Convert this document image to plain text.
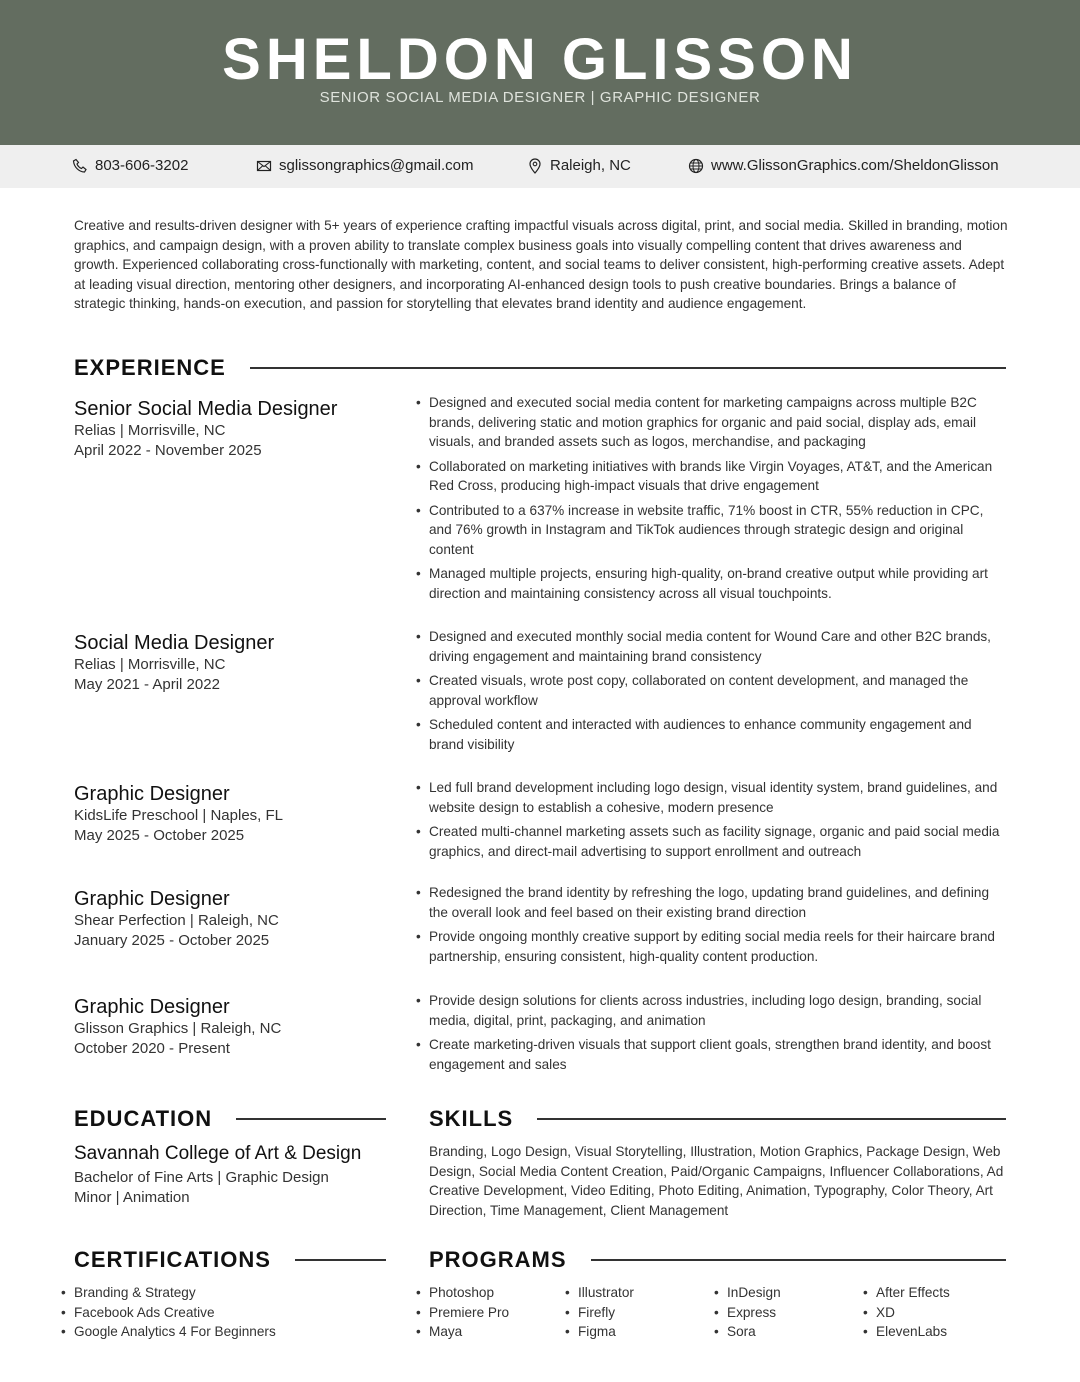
SHELDON GLISSON
SENIOR SOCIAL MEDIA DESIGNER | GRAPHIC DESIGNER
803-606-3202	sglissongraphics@gmail.com	Raleigh, NC	www.GlissonGraphics.com/SheldonGlisson

Creative and results-driven designer with 5+ years of experience crafting impactful visuals across digital, print, and social media. Skilled in branding, motion graphics, and campaign design, with a proven ability to translate complex business goals into visually compelling content that drives awareness and growth. Experienced collaborating cross-functionally with marketing, content, and social teams to deliver consistent, high-performing creative assets. Adept at leading visual direction, mentoring other designers, and incorporating AI-enhanced design tools to push creative boundaries. Brings a balance of strategic thinking, hands-on execution, and passion for storytelling that elevates brand identity and audience engagement.

EXPERIENCE
Senior Social Media Designer
Relias | Morrisville, NC
April 2022 - November 2025
• Designed and executed social media content for marketing campaigns across multiple B2C brands, delivering static and motion graphics for organic and paid social, display ads, email visuals, and branded assets such as logos, merchandise, and packaging
• Collaborated on marketing initiatives with brands like Virgin Voyages, AT&T, and the American Red Cross, producing high-impact visuals that drive engagement
• Contributed to a 637% increase in website traffic, 71% boost in CTR, 55% reduction in CPC, and 76% growth in Instagram and TikTok audiences through strategic design and original content
• Managed multiple projects, ensuring high-quality, on-brand creative output while providing art direction and maintaining consistency across all visual touchpoints.
Social Media Designer
Relias | Morrisville, NC
May 2021 - April 2022
• Designed and executed monthly social media content for Wound Care and other B2C brands, driving engagement and maintaining brand consistency
• Created visuals, wrote post copy, collaborated on content development, and managed the approval workflow
• Scheduled content and interacted with audiences to enhance community engagement and brand visibility
Graphic Designer
KidsLife Preschool | Naples, FL
May 2025 - October 2025
• Led full brand development including logo design, visual identity system, brand guidelines, and website design to establish a cohesive, modern presence
• Created multi-channel marketing assets such as facility signage, organic and paid social media graphics, and direct-mail advertising to support enrollment and outreach
Graphic Designer
Shear Perfection | Raleigh, NC
January 2025 - October 2025
• Redesigned the brand identity by refreshing the logo, updating brand guidelines, and defining the overall look and feel based on their existing brand direction
• Provide ongoing monthly creative support by editing social media reels for their haircare brand partnership, ensuring consistent, high-quality content production.
Graphic Designer
Glisson Graphics | Raleigh, NC
October 2020 - Present
• Provide design solutions for clients across industries, including logo design, branding, social media, digital, print, packaging, and animation
• Create marketing-driven visuals that support client goals, strengthen brand identity, and boost engagement and sales
EDUCATION
Savannah College of Art & Design
Bachelor of Fine Arts | Graphic Design
Minor | Animation
SKILLS

Branding, Logo Design, Visual Storytelling, Illustration, Motion Graphics, Package Design, Web Design, Social Media Content Creation, Paid/Organic Campaigns, Influencer Collaborations, Ad Creative Development, Video Editing, Photo Editing, Animation, Typography, Color Theory, Art Direction, Time Management, Client Management

CERTIFICATIONS
• Branding & Strategy
• Facebook Ads Creative
• Google Analytics 4 For Beginners
PROGRAMS
• Photoshop
• Premiere Pro
• Maya
• Illustrator
• Firefly
• Figma
• InDesign
• Express
• Sora
• After Effects
• XD
• ElevenLabs
